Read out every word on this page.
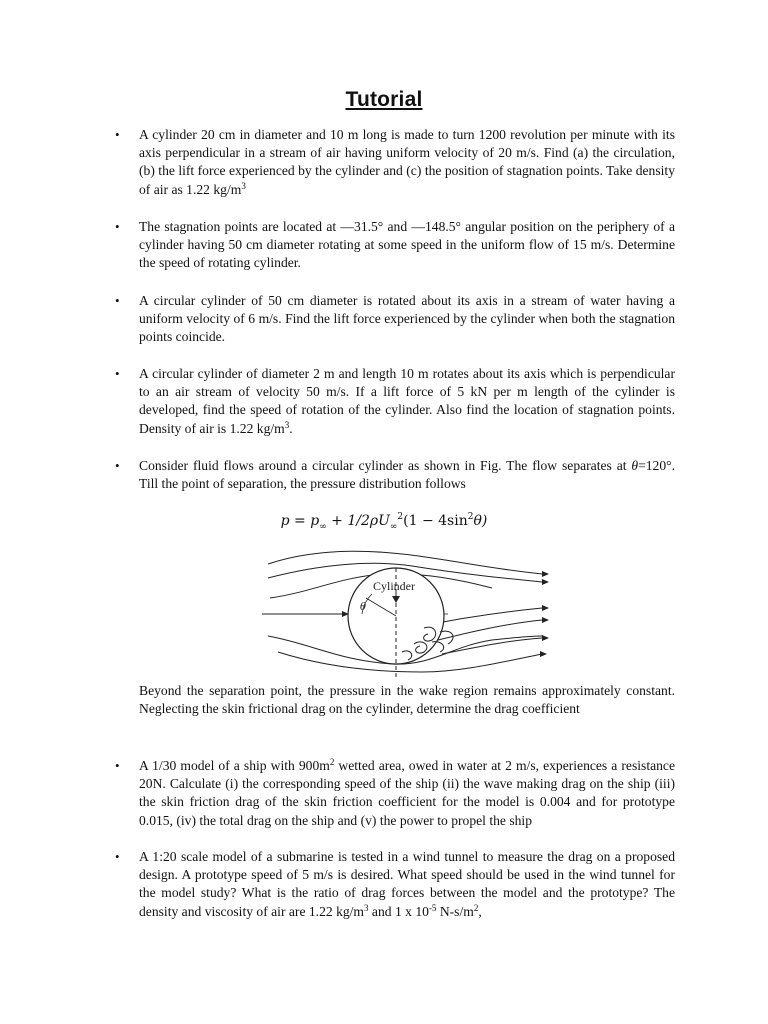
Tutorial
• A cylinder 20 cm in diameter and 10 m long is made to turn 1200 revolution per minute with its axis perpendicular in a stream of air having uniform velocity of 20 m/s. Find (a) the circulation, (b) the lift force experienced by the cylinder and (c) the position of stagnation points. Take density of air as 1.22 $kg/m^3$
• The stagnation points are located at —31.5° and —148.5° angular position on the periphery of a cylinder having 50 cm diameter rotating at some speed in the uniform flow of 15 m/s. Determine the speed of rotating cylinder.
• A circular cylinder of 50 cm diameter is rotated about its axis in a stream of water having a uniform velocity of 6 m/s. Find the lift force experienced by the cylinder when both the stagnation points coincide.
• A circular cylinder of diameter 2 m and length 10 m rotates about its axis which is perpendicular to an air stream of velocity 50 m/s. If a lift force of 5 kN per m length of the cylinder is developed, find the speed of rotation of the cylinder. Also find the location of stagnation points. Density of air is 1.22 $kg/m^3$.
• Consider fluid flows around a circular cylinder as shown in Fig. The flow separates at θ=120°. Till the point of separation, the pressure distribution follows
$p = p_\infty + 1/2\rho U_\infty^2(1 - 4\sin^2\theta)$
Cylinder
θ
Beyond the separation point, the pressure in the wake region remains approximately constant. Neglecting the skin frictional drag on the cylinder, determine the drag coefficient
• A 1/30 model of a ship with $900m^2$ wetted area, owed in water at 2 m/s, experiences a resistance 20N. Calculate (i) the corresponding speed of the ship (ii) the wave making drag on the ship (iii) the skin friction drag of the skin friction coefficient for the model is 0.004 and for prototype 0.015, (iv) the total drag on the ship and (v) the power to propel the ship
• A 1:20 scale model of a submarine is tested in a wind tunnel to measure the drag on a proposed design. A prototype speed of 5 m/s is desired. What speed should be used in the wind tunnel for the model study? What is the ratio of drag forces between the model and the prototype? The density and viscosity of air are 1.22 $kg/m^3$ and 1 x $10^{-5}$ $N-s/m^2$,
